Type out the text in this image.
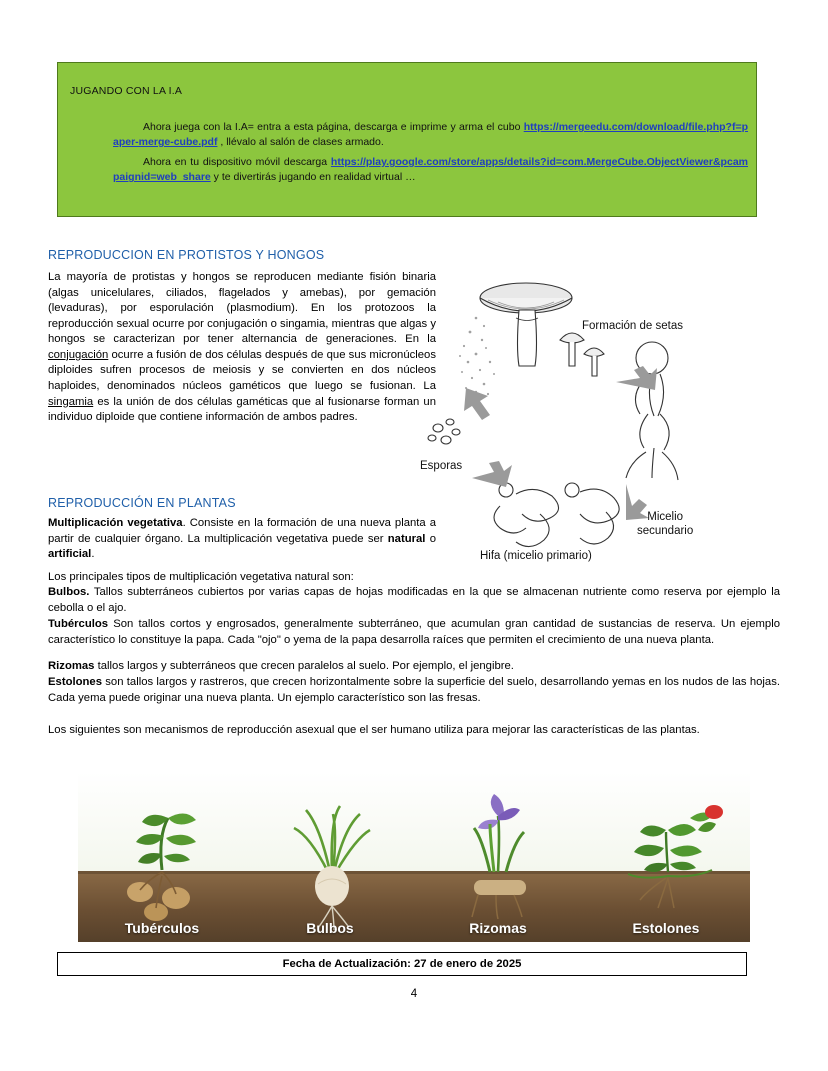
JUGANDO CON LA I.A
Ahora juega con la I.A= entra a esta página, descarga e imprime y arma el cubo https://mergeedu.com/download/file.php?f=paper-merge-cube.pdf , llévalo al salón de clases armado.
Ahora en tu dispositivo móvil descarga https://play.google.com/store/apps/details?id=com.MergeCube.ObjectViewer&pcampaignid=web_share y te divertirás jugando en realidad virtual …
REPRODUCCION EN PROTISTOS Y HONGOS
La mayoría de protistas y hongos se reproducen mediante fisión binaria (algas unicelulares, ciliados, flagelados y amebas), por gemación (levaduras), por esporulación (plasmodium). En los protozoos la reproducción sexual ocurre por conjugación o singamia, mientras que algas y hongos se caracterizan por tener alternancia de generaciones. En la conjugación ocurre a fusión de dos células después de que sus micronúcleos diploides sufren procesos de meiosis y se convierten en dos núcleos haploides, denominados núcleos gaméticos que luego se fusionan. La singamia es la unión de dos células gaméticas que al fusionarse forman un individuo diploide que contiene información de ambos padres.
Formación de setas
Esporas
Micelio
secundario
Hifa (micelio primario)
REPRODUCCIÓN EN PLANTAS
Multiplicación vegetativa. Consiste en la formación de una nueva planta a partir de cualquier órgano. La multiplicación vegetativa puede ser natural o artificial.
Los principales tipos de multiplicación vegetativa natural son:
Bulbos. Tallos subterráneos cubiertos por varias capas de hojas modificadas en la que se almacenan nutriente como reserva por ejemplo la cebolla o el ajo.
Tubérculos Son tallos cortos y engrosados, generalmente subterráneo, que acumulan gran cantidad de sustancias de reserva. Un ejemplo característico lo constituye la papa. Cada "ojo" o yema de la papa desarrolla raíces que permiten el crecimiento de una nueva planta.
Rizomas tallos largos y subterráneos que crecen paralelos al suelo. Por ejemplo, el jengibre.
Estolones son tallos largos y rastreros, que crecen horizontalmente sobre la superficie del suelo, desarrollando yemas en los nudos de las hojas. Cada yema puede originar una nueva planta. Un ejemplo característico son las fresas.
Los siguientes son mecanismos de reproducción asexual que el ser humano utiliza para mejorar las características de las plantas.
Tubérculos	Bulbos	Rizomas	Estolones
Fecha de Actualización: 27 de enero de 2025
4
